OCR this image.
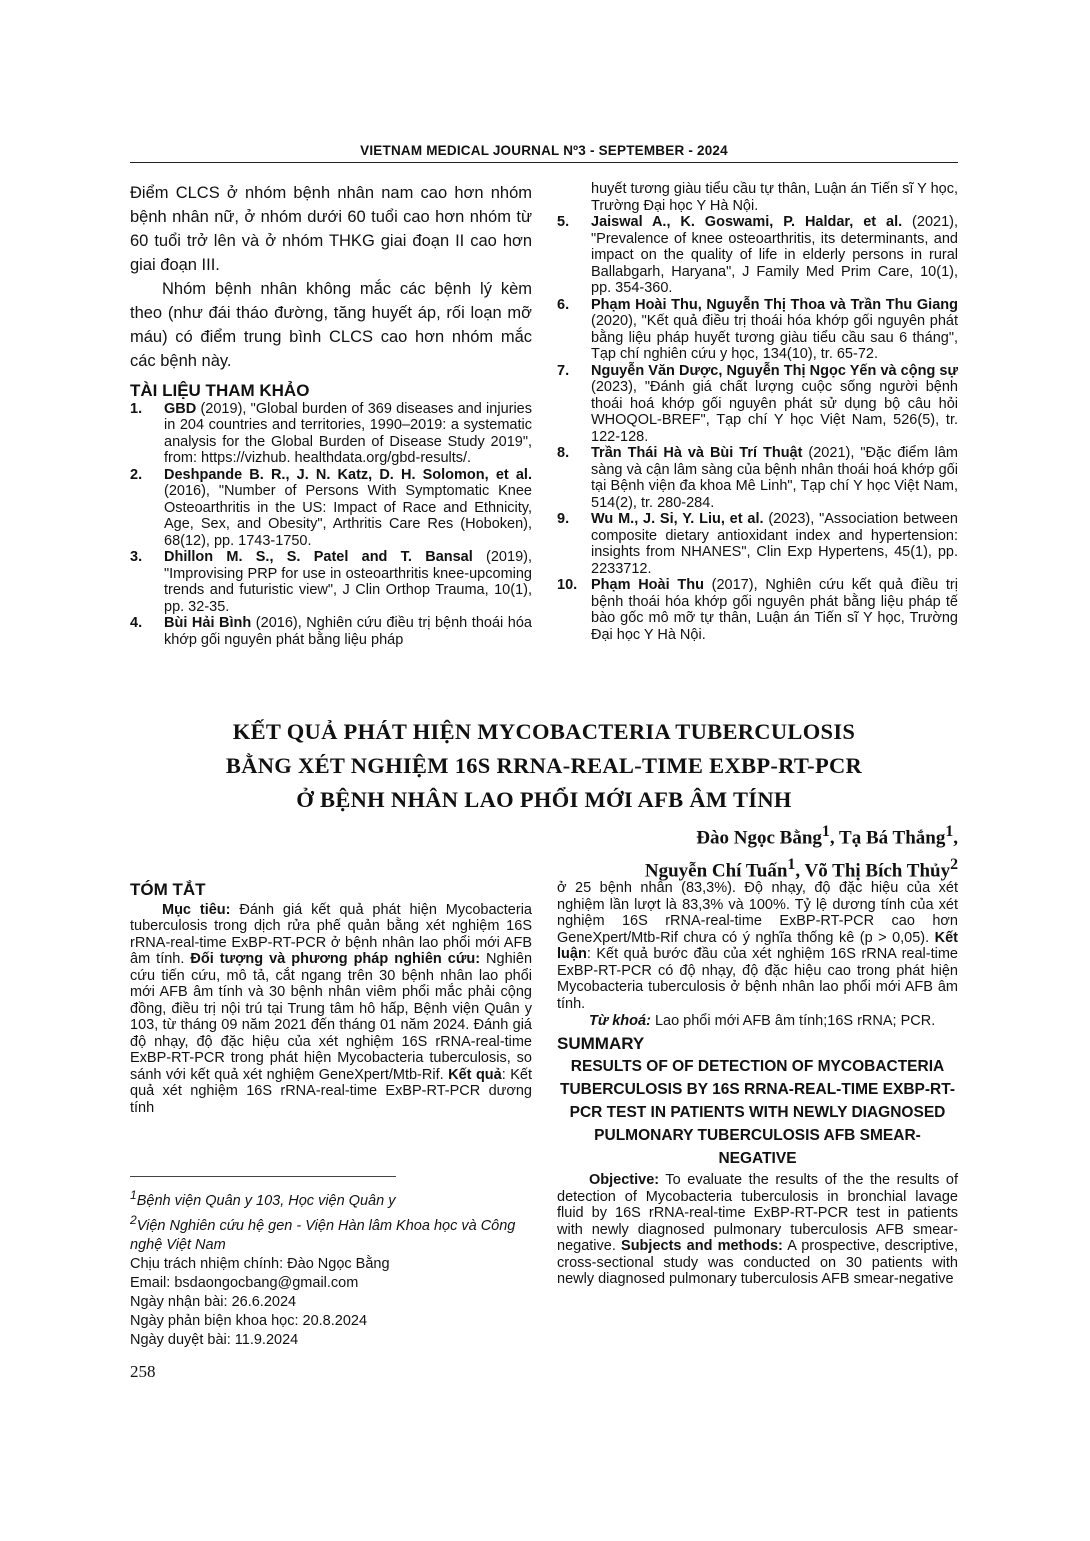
VIETNAM MEDICAL JOURNAL Nº3 - SEPTEMBER - 2024

Điểm CLCS ở nhóm bệnh nhân nam cao hơn nhóm bệnh nhân nữ, ở nhóm dưới 60 tuổi cao hơn nhóm từ 60 tuổi trở lên và ở nhóm THKG giai đoạn II cao hơn giai đoạn III.

Nhóm bệnh nhân không mắc các bệnh lý kèm theo (như đái tháo đường, tăng huyết áp, rối loạn mỡ máu) có điểm trung bình CLCS cao hơn nhóm mắc các bệnh này.

TÀI LIỆU THAM KHẢO
1. GBD (2019), "Global burden of 369 diseases and injuries in 204 countries and territories, 1990–2019: a systematic analysis for the Global Burden of Disease Study 2019", from: https://vizhub. healthdata.org/gbd-results/.
2. Deshpande B. R., J. N. Katz, D. H. Solomon, et al. (2016), "Number of Persons With Symptomatic Knee Osteoarthritis in the US: Impact of Race and Ethnicity, Age, Sex, and Obesity", Arthritis Care Res (Hoboken), 68(12), pp. 1743-1750.
3. Dhillon M. S., S. Patel and T. Bansal (2019), "Improvising PRP for use in osteoarthritis knee-upcoming trends and futuristic view", J Clin Orthop Trauma, 10(1), pp. 32-35.
4. Bùi Hải Bình (2016), Nghiên cứu điều trị bệnh thoái hóa khớp gối nguyên phát bằng liệu pháp
huyết tương giàu tiểu cầu tự thân, Luận án Tiến sĩ Y học, Trường Đại học Y Hà Nội.
5. Jaiswal A., K. Goswami, P. Haldar, et al. (2021), "Prevalence of knee osteoarthritis, its determinants, and impact on the quality of life in elderly persons in rural Ballabgarh, Haryana", J Family Med Prim Care, 10(1), pp. 354-360.
6. Phạm Hoài Thu, Nguyễn Thị Thoa và Trần Thu Giang (2020), "Kết quả điều trị thoái hóa khớp gối nguyên phát bằng liệu pháp huyết tương giàu tiểu cầu sau 6 tháng", Tạp chí nghiên cứu y học, 134(10), tr. 65-72.
7. Nguyễn Văn Dược, Nguyễn Thị Ngọc Yến và cộng sự (2023), "Đánh giá chất lượng cuộc sống người bệnh thoái hoá khớp gối nguyên phát sử dụng bộ câu hỏi WHOQOL-BREF", Tạp chí Y học Việt Nam, 526(5), tr. 122-128.
8. Trần Thái Hà và Bùi Trí Thuật (2021), "Đặc điểm lâm sàng và cận lâm sàng của bệnh nhân thoái hoá khớp gối tại Bệnh viện đa khoa Mê Linh", Tạp chí Y học Việt Nam, 514(2), tr. 280-284.
9. Wu M., J. Si, Y. Liu, et al. (2023), "Association between composite dietary antioxidant index and hypertension: insights from NHANES", Clin Exp Hypertens, 45(1), pp. 2233712.
10. Phạm Hoài Thu (2017), Nghiên cứu kết quả điều trị bệnh thoái hóa khớp gối nguyên phát bằng liệu pháp tế bào gốc mô mỡ tự thân, Luận án Tiến sĩ Y học, Trường Đại học Y Hà Nội.
KẾT QUẢ PHÁT HIỆN MYCOBACTERIA TUBERCULOSIS
BẰNG XÉT NGHIỆM 16S RRNA-REAL-TIME EXBP-RT-PCR
Ở BỆNH NHÂN LAO PHỔI MỚI AFB ÂM TÍNH
Đào Ngọc Bằng$^1$, Tạ Bá Thắng$^1$,
Nguyễn Chí Tuấn$^1$, Võ Thị Bích Thủy$^2$
TÓM TẮT

Mục tiêu: Đánh giá kết quả phát hiện Mycobacteria tuberculosis trong dịch rửa phế quản bằng xét nghiệm 16S rRNA-real-time ExBP-RT-PCR ở bệnh nhân lao phổi mới AFB âm tính. Đối tượng và phương pháp nghiên cứu: Nghiên cứu tiến cứu, mô tả, cắt ngang trên 30 bệnh nhân lao phổi mới AFB âm tính và 30 bệnh nhân viêm phổi mắc phải cộng đồng, điều trị nội trú tại Trung tâm hô hấp, Bệnh viện Quân y 103, từ tháng 09 năm 2021 đến tháng 01 năm 2024. Đánh giá độ nhạy, độ đặc hiệu của xét nghiệm 16S rRNA-real-time ExBP-RT-PCR trong phát hiện Mycobacteria tuberculosis, so sánh với kết quả xét nghiệm GeneXpert/Mtb-Rif. Kết quả: Kết quả xét nghiệm 16S rRNA-real-time ExBP-RT-PCR dương tính

ở 25 bệnh nhân (83,3%). Độ nhạy, độ đặc hiệu của xét nghiệm lần lượt là 83,3% và 100%. Tỷ lệ dương tính của xét nghiệm 16S rRNA-real-time ExBP-RT-PCR cao hơn GeneXpert/Mtb-Rif chưa có ý nghĩa thống kê (p > 0,05). Kết luận: Kết quả bước đầu của xét nghiệm 16S rRNA real-time ExBP-RT-PCR có độ nhạy, độ đặc hiệu cao trong phát hiện Mycobacteria tuberculosis ở bệnh nhân lao phổi mới AFB âm tính.

Từ khoá: Lao phổi mới AFB âm tính;16S rRNA; PCR.

SUMMARY
RESULTS OF OF DETECTION OF MYCOBACTERIA TUBERCULOSIS BY 16S RRNA-REAL-TIME EXBP-RT-PCR TEST IN PATIENTS WITH NEWLY DIAGNOSED PULMONARY TUBERCULOSIS AFB SMEAR-NEGATIVE

Objective: To evaluate the results of the the results of detection of Mycobacteria tuberculosis in bronchial lavage fluid by 16S rRNA-real-time ExBP-RT-PCR test in patients with newly diagnosed pulmonary tuberculosis AFB smear-negative. Subjects and methods: A prospective, descriptive, cross-sectional study was conducted on 30 patients with newly diagnosed pulmonary tuberculosis AFB smear-negative

$^1$Bệnh viện Quân y 103, Học viện Quân y
$^2$Viện Nghiên cứu hệ gen - Viện Hàn lâm Khoa học và Công nghệ Việt Nam
Chịu trách nhiệm chính: Đào Ngọc Bằng
Email: bsdaongocbang@gmail.com
Ngày nhận bài: 26.6.2024
Ngày phản biện khoa học: 20.8.2024
Ngày duyệt bài: 11.9.2024
258
